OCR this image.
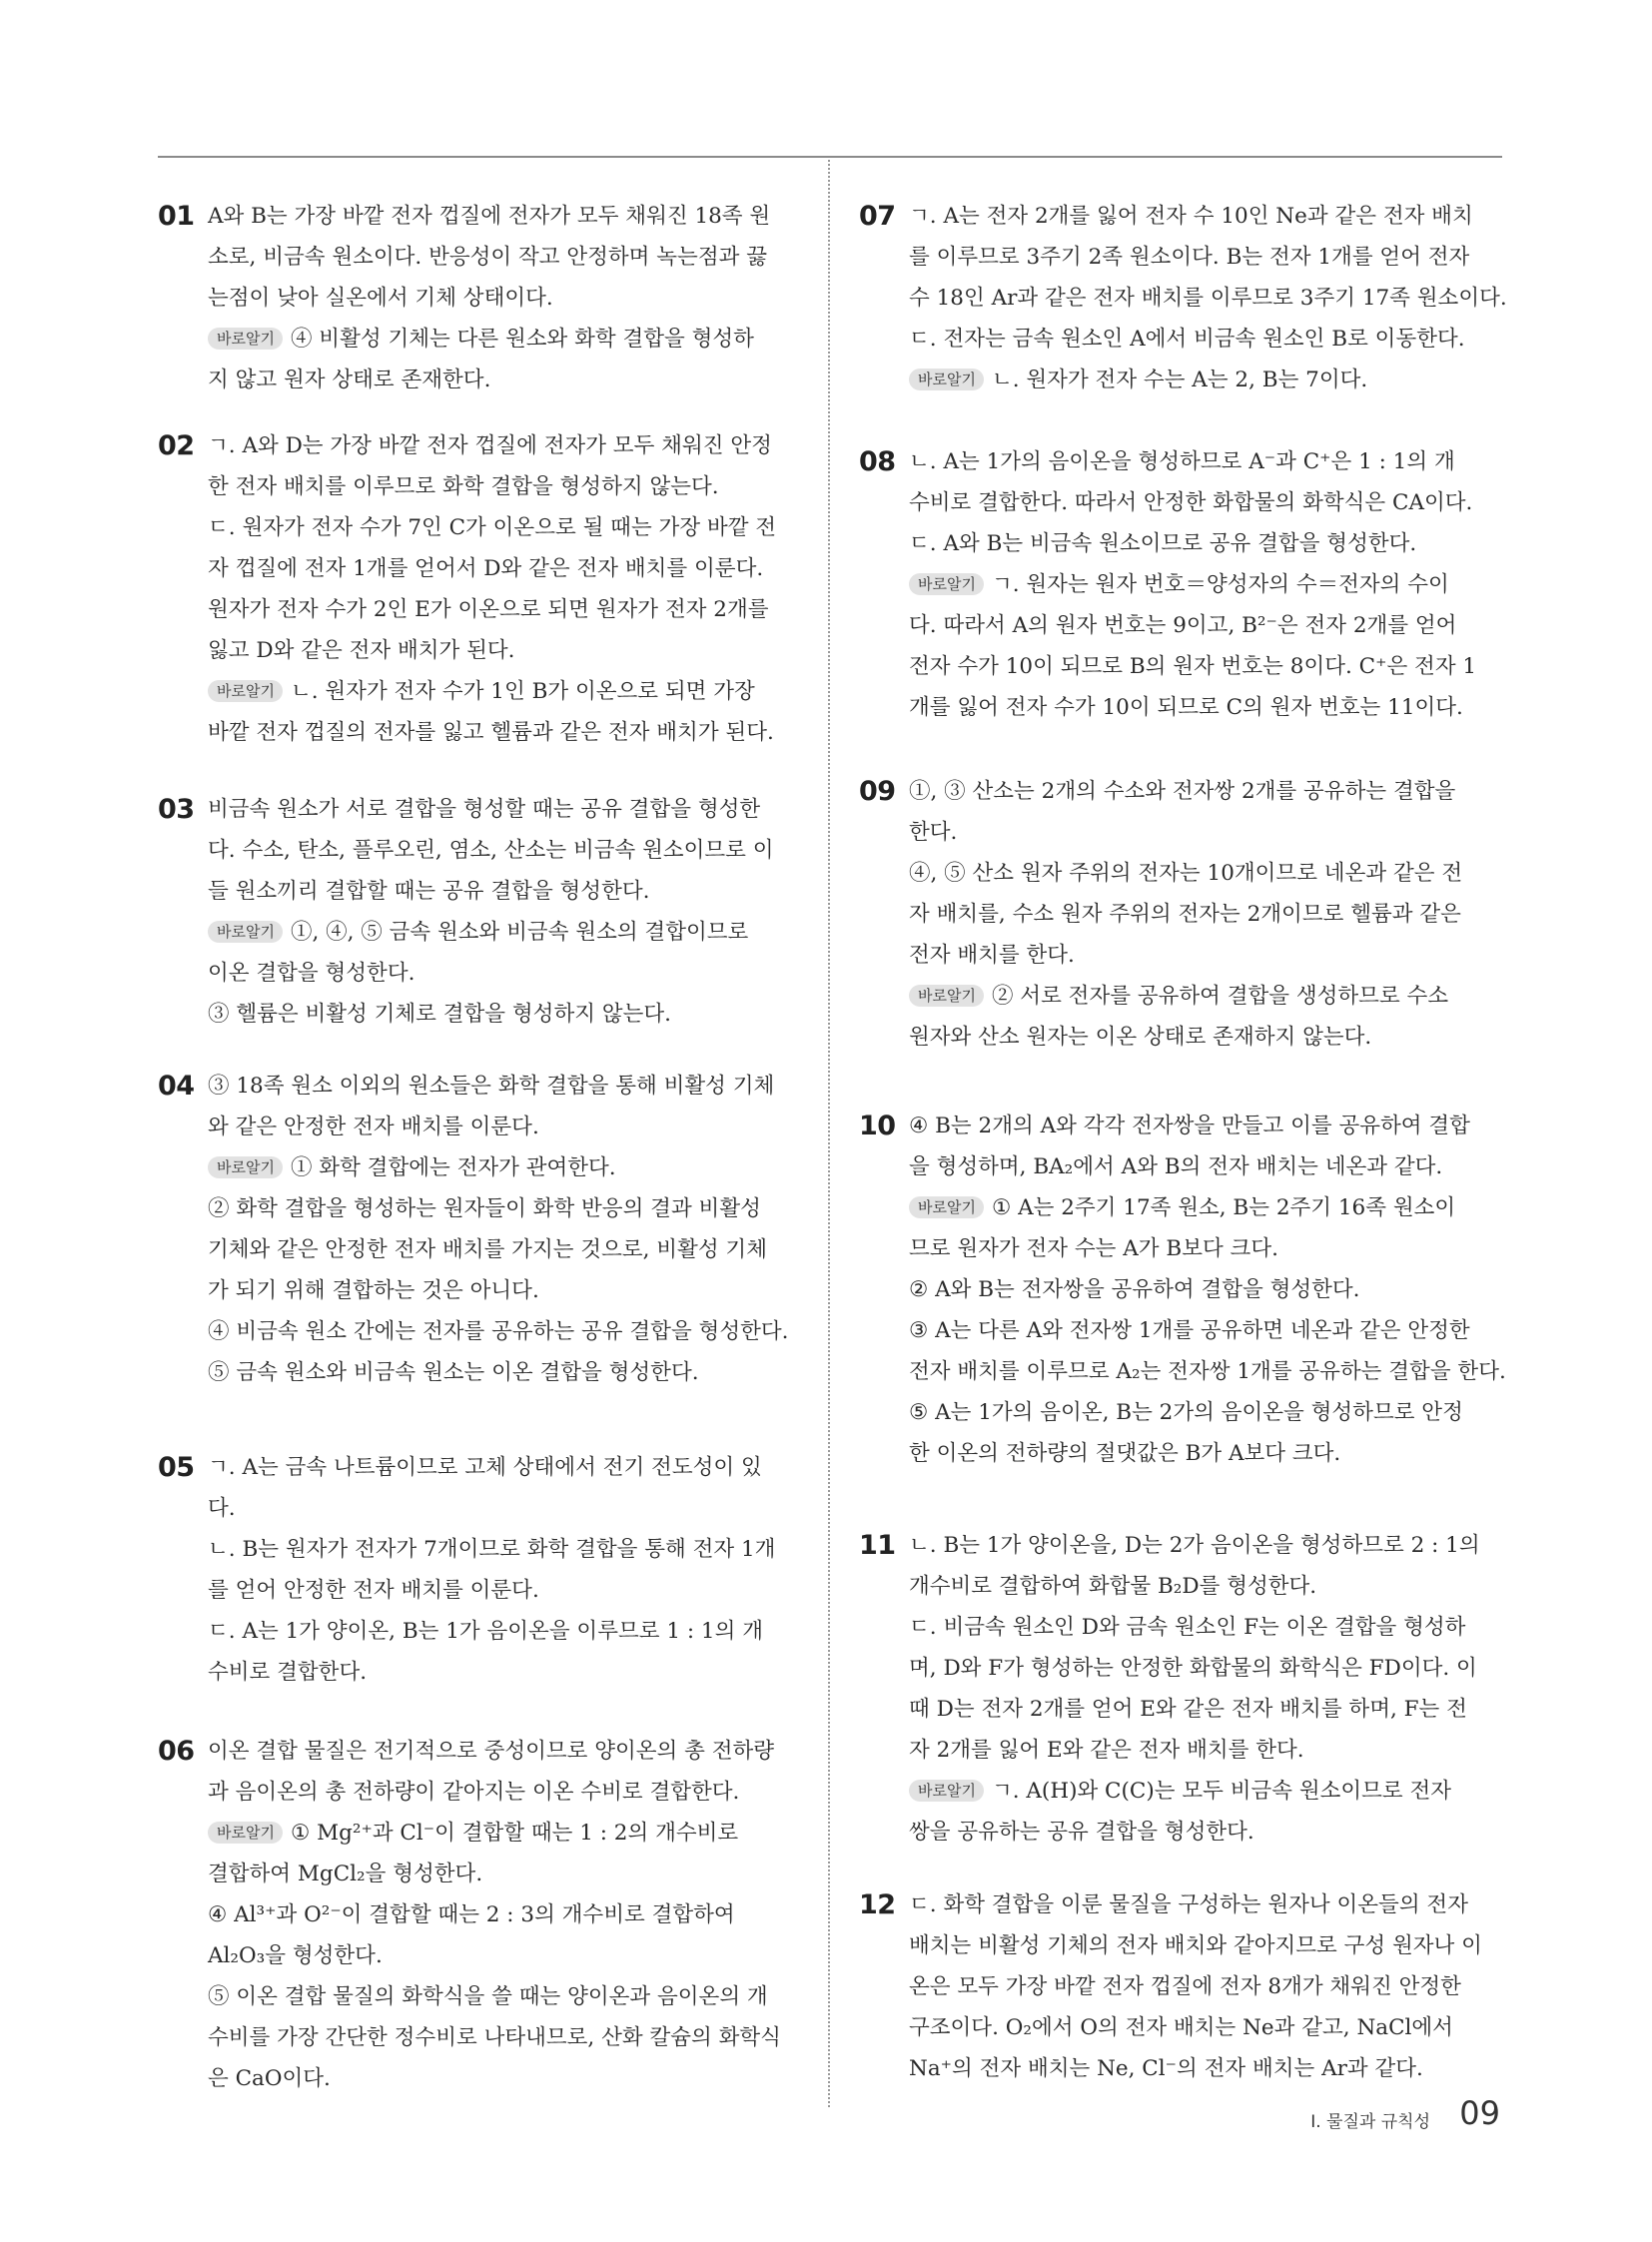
01 A와 B는 가장 바깥 전자 껍질에 전자가 모두 채워진 18족 원
소로, 비금속 원소이다. 반응성이 작고 안정하며 녹는점과 끓
는점이 낮아 실온에서 기체 상태이다.
바로알기 ④ 비활성 기체는 다른 원소와 화학 결합을 형성하
지 않고 원자 상태로 존재한다.
02 ㄱ. A와 D는 가장 바깥 전자 껍질에 전자가 모두 채워진 안정
한 전자 배치를 이루므로 화학 결합을 형성하지 않는다.
ㄷ. 원자가 전자 수가 7인 C가 이온으로 될 때는 가장 바깥 전
자 껍질에 전자 1개를 얻어서 D와 같은 전자 배치를 이룬다.
원자가 전자 수가 2인 E가 이온으로 되면 원자가 전자 2개를
잃고 D와 같은 전자 배치가 된다.
바로알기 ㄴ. 원자가 전자 수가 1인 B가 이온으로 되면 가장
바깥 전자 껍질의 전자를 잃고 헬륨과 같은 전자 배치가 된다.
03 비금속 원소가 서로 결합을 형성할 때는 공유 결합을 형성한
다. 수소, 탄소, 플루오린, 염소, 산소는 비금속 원소이므로 이
들 원소끼리 결합할 때는 공유 결합을 형성한다.
바로알기 ①, ④, ⑤ 금속 원소와 비금속 원소의 결합이므로
이온 결합을 형성한다.
③ 헬륨은 비활성 기체로 결합을 형성하지 않는다.
04 ③ 18족 원소 이외의 원소들은 화학 결합을 통해 비활성 기체
와 같은 안정한 전자 배치를 이룬다.
바로알기 ① 화학 결합에는 전자가 관여한다.
② 화학 결합을 형성하는 원자들이 화학 반응의 결과 비활성
기체와 같은 안정한 전자 배치를 가지는 것으로, 비활성 기체
가 되기 위해 결합하는 것은 아니다.
④ 비금속 원소 간에는 전자를 공유하는 공유 결합을 형성한다.
⑤ 금속 원소와 비금속 원소는 이온 결합을 형성한다.
05 ㄱ. A는 금속 나트륨이므로 고체 상태에서 전기 전도성이 있
다.
ㄴ. B는 원자가 전자가 7개이므로 화학 결합을 통해 전자 1개
를 얻어 안정한 전자 배치를 이룬다.
ㄷ. A는 1가 양이온, B는 1가 음이온을 이루므로 1 : 1의 개
수비로 결합한다.
06 이온 결합 물질은 전기적으로 중성이므로 양이온의 총 전하량
과 음이온의 총 전하량이 같아지는 이온 수비로 결합한다.
바로알기 ① Mg²⁺과 Cl⁻이 결합할 때는 1 : 2의 개수비로
결합하여 MgCl₂을 형성한다.
④ Al³⁺과 O²⁻이 결합할 때는 2 : 3의 개수비로 결합하여
Al₂O₃을 형성한다.
⑤ 이온 결합 물질의 화학식을 쓸 때는 양이온과 음이온의 개
수비를 가장 간단한 정수비로 나타내므로, 산화 칼슘의 화학식
은 CaO이다.
07 ㄱ. A는 전자 2개를 잃어 전자 수 10인 Ne과 같은 전자 배치
를 이루므로 3주기 2족 원소이다. B는 전자 1개를 얻어 전자
수 18인 Ar과 같은 전자 배치를 이루므로 3주기 17족 원소이다.
ㄷ. 전자는 금속 원소인 A에서 비금속 원소인 B로 이동한다.
바로알기 ㄴ. 원자가 전자 수는 A는 2, B는 7이다.
08 ㄴ. A는 1가의 음이온을 형성하므로 A⁻과 C⁺은 1 : 1의 개
수비로 결합한다. 따라서 안정한 화합물의 화학식은 CA이다.
ㄷ. A와 B는 비금속 원소이므로 공유 결합을 형성한다.
바로알기 ㄱ. 원자는 원자 번호＝양성자의 수＝전자의 수이
다. 따라서 A의 원자 번호는 9이고, B²⁻은 전자 2개를 얻어
전자 수가 10이 되므로 B의 원자 번호는 8이다. C⁺은 전자 1
개를 잃어 전자 수가 10이 되므로 C의 원자 번호는 11이다.
09 ①, ③ 산소는 2개의 수소와 전자쌍 2개를 공유하는 결합을
한다.
④, ⑤ 산소 원자 주위의 전자는 10개이므로 네온과 같은 전
자 배치를, 수소 원자 주위의 전자는 2개이므로 헬륨과 같은
전자 배치를 한다.
바로알기 ② 서로 전자를 공유하여 결합을 생성하므로 수소
원자와 산소 원자는 이온 상태로 존재하지 않는다.
10 ④ B는 2개의 A와 각각 전자쌍을 만들고 이를 공유하여 결합
을 형성하며, BA₂에서 A와 B의 전자 배치는 네온과 같다.
바로알기 ① A는 2주기 17족 원소, B는 2주기 16족 원소이
므로 원자가 전자 수는 A가 B보다 크다.
② A와 B는 전자쌍을 공유하여 결합을 형성한다.
③ A는 다른 A와 전자쌍 1개를 공유하면 네온과 같은 안정한
전자 배치를 이루므로 A₂는 전자쌍 1개를 공유하는 결합을 한다.
⑤ A는 1가의 음이온, B는 2가의 음이온을 형성하므로 안정
한 이온의 전하량의 절댓값은 B가 A보다 크다.
11 ㄴ. B는 1가 양이온을, D는 2가 음이온을 형성하므로 2 : 1의
개수비로 결합하여 화합물 B₂D를 형성한다.
ㄷ. 비금속 원소인 D와 금속 원소인 F는 이온 결합을 형성하
며, D와 F가 형성하는 안정한 화합물의 화학식은 FD이다. 이
때 D는 전자 2개를 얻어 E와 같은 전자 배치를 하며, F는 전
자 2개를 잃어 E와 같은 전자 배치를 한다.
바로알기 ㄱ. A(H)와 C(C)는 모두 비금속 원소이므로 전자
쌍을 공유하는 공유 결합을 형성한다.
12 ㄷ. 화학 결합을 이룬 물질을 구성하는 원자나 이온들의 전자
배치는 비활성 기체의 전자 배치와 같아지므로 구성 원자나 이
온은 모두 가장 바깥 전자 껍질에 전자 8개가 채워진 안정한
구조이다. O₂에서 O의 전자 배치는 Ne과 같고, NaCl에서
Na⁺의 전자 배치는 Ne, Cl⁻의 전자 배치는 Ar과 같다.
Ⅰ. 물질과 규칙성 09
